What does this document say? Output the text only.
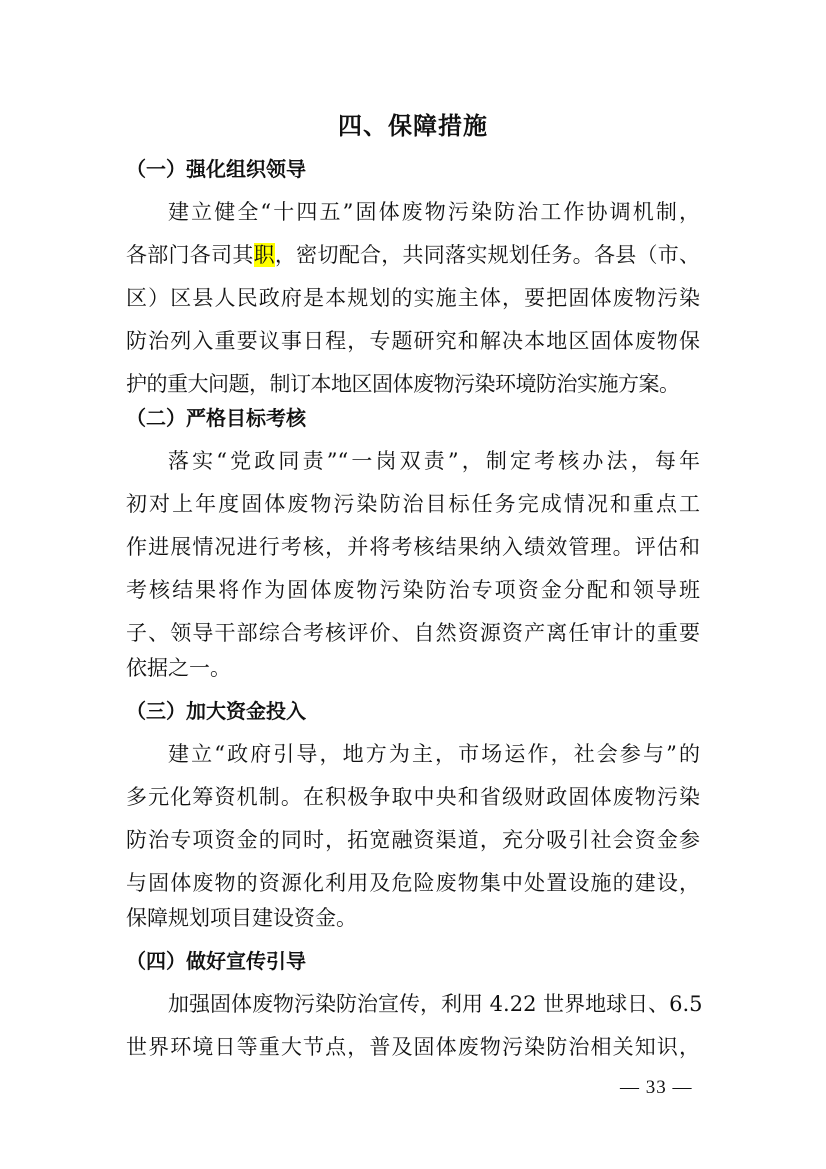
四、保障措施
（一）强化组织领导
建立健全“十四五”固体废物污染防治工作协调机制，
各部门各司其职，密切配合，共同落实规划任务。各县（市、
区）区县人民政府是本规划的实施主体，要把固体废物污染
防治列入重要议事日程，专题研究和解决本地区固体废物保
护的重大问题，制订本地区固体废物污染环境防治实施方案。
（二）严格目标考核
落实“党政同责”“一岗双责”，制定考核办法，每年
初对上年度固体废物污染防治目标任务完成情况和重点工
作进展情况进行考核，并将考核结果纳入绩效管理。评估和
考核结果将作为固体废物污染防治专项资金分配和领导班
子、领导干部综合考核评价、自然资源资产离任审计的重要
依据之一。
（三）加大资金投入
建立“政府引导，地方为主，市场运作，社会参与”的
多元化筹资机制。在积极争取中央和省级财政固体废物污染
防治专项资金的同时，拓宽融资渠道，充分吸引社会资金参
与固体废物的资源化利用及危险废物集中处置设施的建设，
保障规划项目建设资金。
（四）做好宣传引导
加强固体废物污染防治宣传，利用 4.22 世界地球日、6.5
世界环境日等重大节点，普及固体废物污染防治相关知识，
— 33 —
